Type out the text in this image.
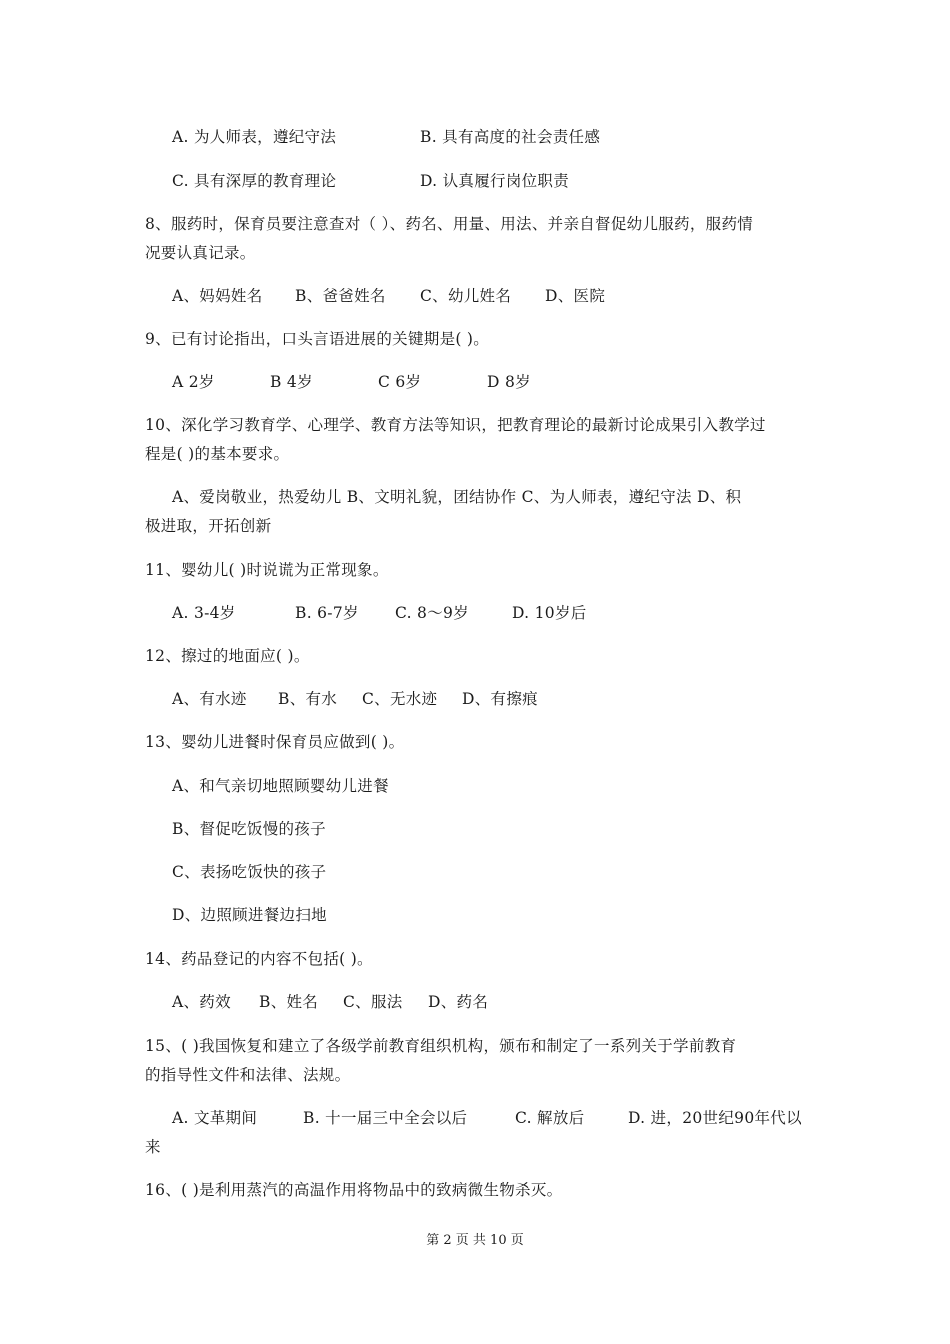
A. 为人师表，遵纪守法	B. 具有高度的社会责任感
C. 具有深厚的教育理论	D. 认真履行岗位职责
8、服药时，保育员要注意查对（ ）、药名、用量、用法、并亲自督促幼儿服药，服药情
况要认真记录。
A、妈妈姓名 B、爸爸姓名 C、幼儿姓名 D、医院
9、已有讨论指出，口头言语进展的关键期是( )。
A 2岁	B 4岁	C 6岁	D 8岁
10、深化学习教育学、心理学、教育方法等知识，把教育理论的最新讨论成果引入教学过
程是( )的基本要求。
A、爱岗敬业，热爱幼儿 B、文明礼貌，团结协作 C、为人师表，遵纪守法 D、积
极进取，开拓创新
11、婴幼儿( )时说谎为正常现象。
A. 3-4岁	B. 6-7岁 C. 8～9岁	D. 10岁后
12、擦过的地面应( )。
A、有水迹 B、有水 C、无水迹 D、有擦痕
13、婴幼儿进餐时保育员应做到( )。
A、和气亲切地照顾婴幼儿进餐
B、督促吃饭慢的孩子
C、表扬吃饭快的孩子
D、边照顾进餐边扫地
14、药品登记的内容不包括( )。
A、药效 B、姓名 C、服法 D、药名
15、( )我国恢复和建立了各级学前教育组织机构，颁布和制定了一系列关于学前教育
的指导性文件和法律、法规。
A. 文革期间	B. 十一届三中全会以后	C. 解放后	D. 进，20世纪90年代以
来
16、( )是利用蒸汽的高温作用将物品中的致病微生物杀灭。
第 2 页 共 10 页
